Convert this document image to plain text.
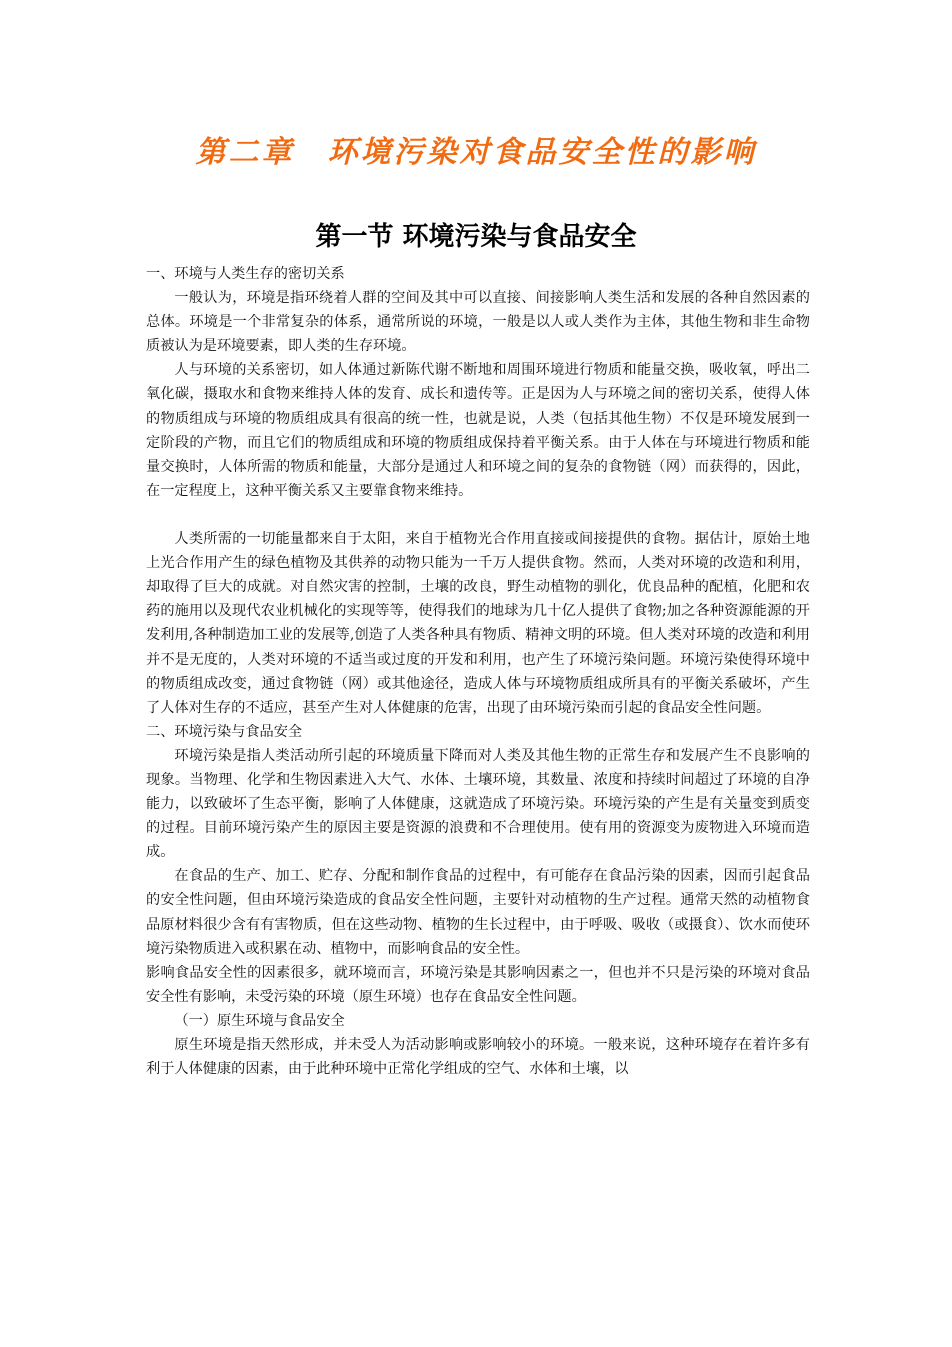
第二章　环境污染对食品安全性的影响
第一节 环境污染与食品安全

一、环境与人类生存的密切关系

一般认为，环境是指环绕着人群的空间及其中可以直接、间接影响人类生活和发展的各种自然因素的总体。环境是一个非常复杂的体系，通常所说的环境，一般是以人或人类作为主体，其他生物和非生命物质被认为是环境要素，即人类的生存环境。

人与环境的关系密切，如人体通过新陈代谢不断地和周围环境进行物质和能量交换，吸收氧，呼出二氧化碳，摄取水和食物来维持人体的发育、成长和遗传等。正是因为人与环境之间的密切关系，使得人体的物质组成与环境的物质组成具有很高的统一性，也就是说，人类（包括其他生物）不仅是环境发展到一定阶段的产物，而且它们的物质组成和环境的物质组成保持着平衡关系。由于人体在与环境进行物质和能量交换时，人体所需的物质和能量，大部分是通过人和环境之间的复杂的食物链（网）而获得的，因此，在一定程度上，这种平衡关系又主要靠食物来维持。

人类所需的一切能量都来自于太阳，来自于植物光合作用直接或间接提供的食物。据估计，原始土地上光合作用产生的绿色植物及其供养的动物只能为一千万人提供食物。然而，人类对环境的改造和利用，却取得了巨大的成就。对自然灾害的控制，土壤的改良，野生动植物的驯化，优良品种的配植，化肥和农药的施用以及现代农业机械化的实现等等，使得我们的地球为几十亿人提供了食物;加之各种资源能源的开发利用,各种制造加工业的发展等,创造了人类各种具有物质、精神文明的环境。但人类对环境的改造和利用并不是无度的，人类对环境的不适当或过度的开发和利用，也产生了环境污染问题。环境污染使得环境中的物质组成改变，通过食物链（网）或其他途径，造成人体与环境物质组成所具有的平衡关系破坏，产生了人体对生存的不适应，甚至产生对人体健康的危害，出现了由环境污染而引起的食品安全性问题。

二、环境污染与食品安全

环境污染是指人类活动所引起的环境质量下降而对人类及其他生物的正常生存和发展产生不良影响的现象。当物理、化学和生物因素进入大气、水体、土壤环境，其数量、浓度和持续时间超过了环境的自净能力，以致破坏了生态平衡，影响了人体健康，这就造成了环境污染。环境污染的产生是有关量变到质变的过程。目前环境污染产生的原因主要是资源的浪费和不合理使用。使有用的资源变为废物进入环境而造成。

在食品的生产、加工、贮存、分配和制作食品的过程中，有可能存在食品污染的因素，因而引起食品的安全性问题，但由环境污染造成的食品安全性问题，主要针对动植物的生产过程。通常天然的动植物食品原材料很少含有有害物质，但在这些动物、植物的生长过程中，由于呼吸、吸收（或摄食）、饮水而使环境污染物质进入或积累在动、植物中，而影响食品的安全性。

影响食品安全性的因素很多，就环境而言，环境污染是其影响因素之一，但也并不只是污染的环境对食品安全性有影响，未受污染的环境（原生环境）也存在食品安全性问题。

（一）原生环境与食品安全

原生环境是指天然形成，并未受人为活动影响或影响较小的环境。一般来说，这种环境存在着许多有利于人体健康的因素，由于此种环境中正常化学组成的空气、水体和土壤，以
